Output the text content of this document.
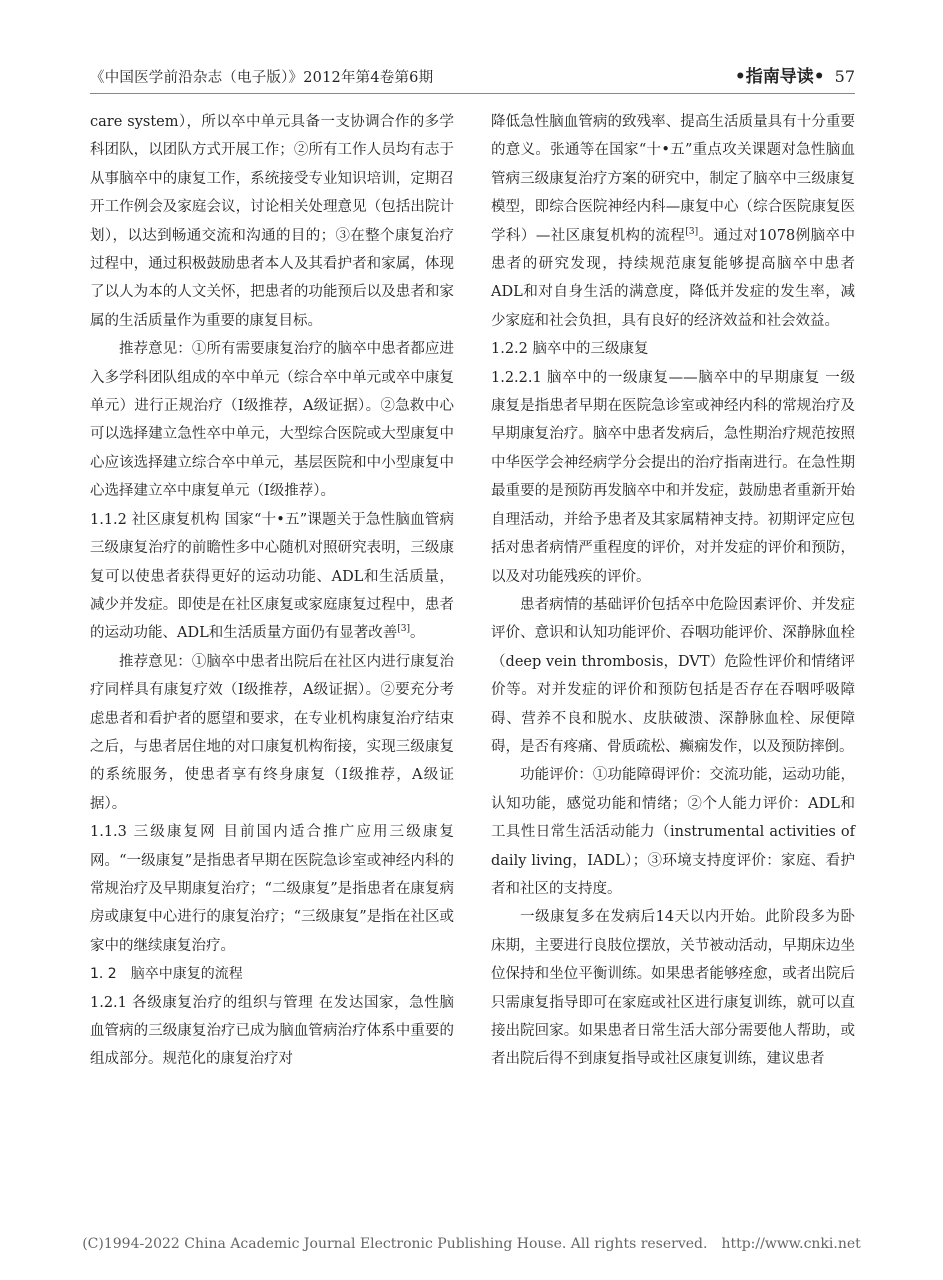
《中国医学前沿杂志（电子版）》2012年第4卷第6期	•指南导读• 57

care system），所以卒中单元具备一支协调合作的多学科团队，以团队方式开展工作；②所有工作人员均有志于从事脑卒中的康复工作，系统接受专业知识培训，定期召开工作例会及家庭会议，讨论相关处理意见（包括出院计划），以达到畅通交流和沟通的目的；③在整个康复治疗过程中，通过积极鼓励患者本人及其看护者和家属，体现了以人为本的人文关怀，把患者的功能预后以及患者和家属的生活质量作为重要的康复目标。

推荐意见：①所有需要康复治疗的脑卒中患者都应进入多学科团队组成的卒中单元（综合卒中单元或卒中康复单元）进行正规治疗（Ⅰ级推荐，A级证据）。②急救中心可以选择建立急性卒中单元，大型综合医院或大型康复中心应该选择建立综合卒中单元，基层医院和中小型康复中心选择建立卒中康复单元（Ⅰ级推荐）。

1.1.2 社区康复机构 国家“十•五”课题关于急性脑血管病三级康复治疗的前瞻性多中心随机对照研究表明，三级康复可以使患者获得更好的运动功能、ADL和生活质量，减少并发症。即使是在社区康复或家庭康复过程中，患者的运动功能、ADL和生活质量方面仍有显著改善[3]。

推荐意见：①脑卒中患者出院后在社区内进行康复治疗同样具有康复疗效（Ⅰ级推荐，A级证据）。②要充分考虑患者和看护者的愿望和要求，在专业机构康复治疗结束之后，与患者居住地的对口康复机构衔接，实现三级康复的系统服务，使患者享有终身康复（Ⅰ级推荐，A级证据）。

1.1.3 三级康复网 目前国内适合推广应用三级康复网。“一级康复”是指患者早期在医院急诊室或神经内科的常规治疗及早期康复治疗；“二级康复”是指患者在康复病房或康复中心进行的康复治疗；“三级康复”是指在社区或家中的继续康复治疗。

1. 2　脑卒中康复的流程

1.2.1 各级康复治疗的组织与管理 在发达国家，急性脑血管病的三级康复治疗已成为脑血管病治疗体系中重要的组成部分。规范化的康复治疗对

降低急性脑血管病的致残率、提高生活质量具有十分重要的意义。张通等在国家“十•五”重点攻关课题对急性脑血管病三级康复治疗方案的研究中，制定了脑卒中三级康复模型，即综合医院神经内科—康复中心（综合医院康复医学科）—社区康复机构的流程[3]。通过对1078例脑卒中患者的研究发现，持续规范康复能够提高脑卒中患者ADL和对自身生活的满意度，降低并发症的发生率，减少家庭和社会负担，具有良好的经济效益和社会效益。

1.2.2 脑卒中的三级康复

1.2.2.1 脑卒中的一级康复——脑卒中的早期康复 一级康复是指患者早期在医院急诊室或神经内科的常规治疗及早期康复治疗。脑卒中患者发病后，急性期治疗规范按照中华医学会神经病学分会提出的治疗指南进行。在急性期最重要的是预防再发脑卒中和并发症，鼓励患者重新开始自理活动，并给予患者及其家属精神支持。初期评定应包括对患者病情严重程度的评价，对并发症的评价和预防，以及对功能残疾的评价。

患者病情的基础评价包括卒中危险因素评价、并发症评价、意识和认知功能评价、吞咽功能评价、深静脉血栓（deep vein thrombosis，DVT）危险性评价和情绪评价等。对并发症的评价和预防包括是否存在吞咽呼吸障碍、营养不良和脱水、皮肤破溃、深静脉血栓、尿便障碍，是否有疼痛、骨质疏松、癫痫发作，以及预防摔倒。

功能评价：①功能障碍评价：交流功能，运动功能，认知功能，感觉功能和情绪；②个人能力评价：ADL和工具性日常生活活动能力（instrumental activities of daily living，IADL）；③环境支持度评价：家庭、看护者和社区的支持度。

一级康复多在发病后14天以内开始。此阶段多为卧床期，主要进行良肢位摆放，关节被动活动，早期床边坐位保持和坐位平衡训练。如果患者能够痊愈，或者出院后只需康复指导即可在家庭或社区进行康复训练，就可以直接出院回家。如果患者日常生活大部分需要他人帮助，或者出院后得不到康复指导或社区康复训练，建议患者

(C)1994-2022 China Academic Journal Electronic Publishing House. All rights reserved.　http://www.cnki.net
